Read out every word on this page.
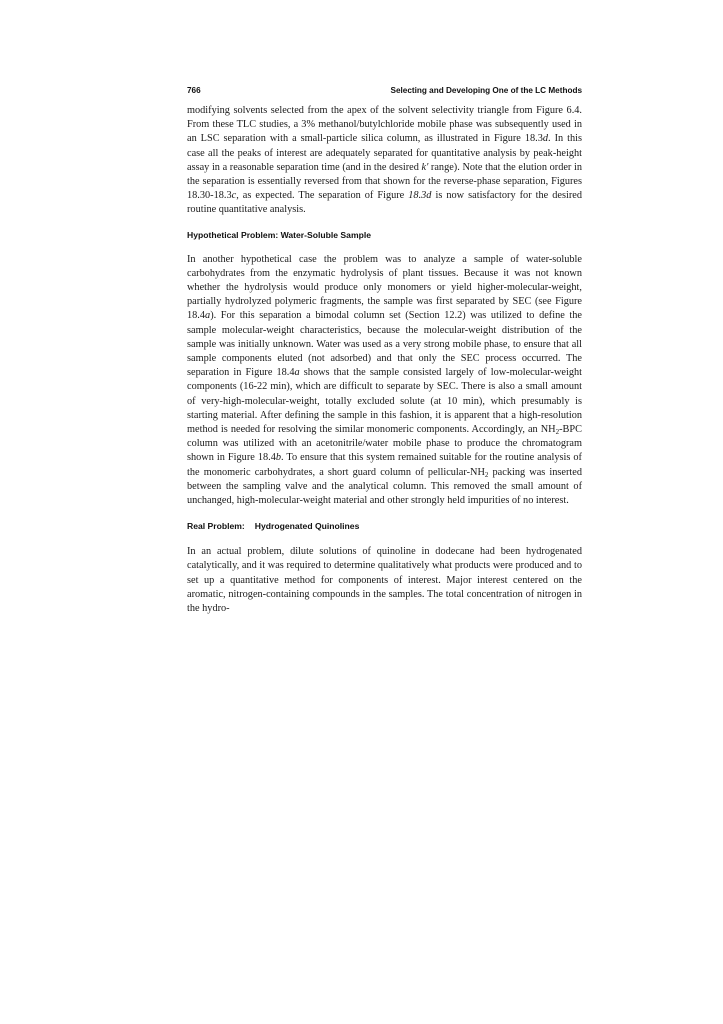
766	Selecting and Developing One of the LC Methods

modifying solvents selected from the apex of the solvent selectivity triangle from Figure 6.4. From these TLC studies, a 3% methanol/butylchloride mobile phase was subsequently used in an LSC separation with a small-particle silica column, as illustrated in Figure 18.3d. In this case all the peaks of interest are adequately separated for quantitative analysis by peak-height assay in a reasonable separation time (and in the desired k' range). Note that the elution order in the separation is essentially reversed from that shown for the reverse-phase separation, Figures 18.30-18.3c, as expected. The separation of Figure 18.3d is now satisfactory for the desired routine quantitative analysis.

Hypothetical Problem: Water-Soluble Sample

In another hypothetical case the problem was to analyze a sample of water-soluble carbohydrates from the enzymatic hydrolysis of plant tissues. Because it was not known whether the hydrolysis would produce only monomers or yield higher-molecular-weight, partially hydrolyzed polymeric fragments, the sample was first separated by SEC (see Figure 18.4a). For this separation a bimodal column set (Section 12.2) was utilized to define the sample molecular-weight characteristics, because the molecular-weight distribution of the sample was initially unknown. Water was used as a very strong mobile phase, to ensure that all sample components eluted (not adsorbed) and that only the SEC process occurred. The separation in Figure 18.4a shows that the sample consisted largely of low-molecular-weight components (16-22 min), which are difficult to separate by SEC. There is also a small amount of very-high-molecular-weight, totally excluded solute (at 10 min), which presumably is starting material. After defining the sample in this fashion, it is apparent that a high-resolution method is needed for resolving the similar monomeric components. Accordingly, an $NH_2$-BPC column was utilized with an acetonitrile/water mobile phase to produce the chromatogram shown in Figure 18.4b. To ensure that this system remained suitable for the routine analysis of the monomeric carbohydrates, a short guard column of pellicular-$NH_2$ packing was inserted between the sampling valve and the analytical column. This removed the small amount of unchanged, high-molecular-weight material and other strongly held impurities of no interest.

Real Problem: Hydrogenated Quinolines

In an actual problem, dilute solutions of quinoline in dodecane had been hydrogenated catalytically, and it was required to determine qualitatively what products were produced and to set up a quantitative method for components of interest. Major interest centered on the aromatic, nitrogen-containing compounds in the samples. The total concentration of nitrogen in the hydro-
